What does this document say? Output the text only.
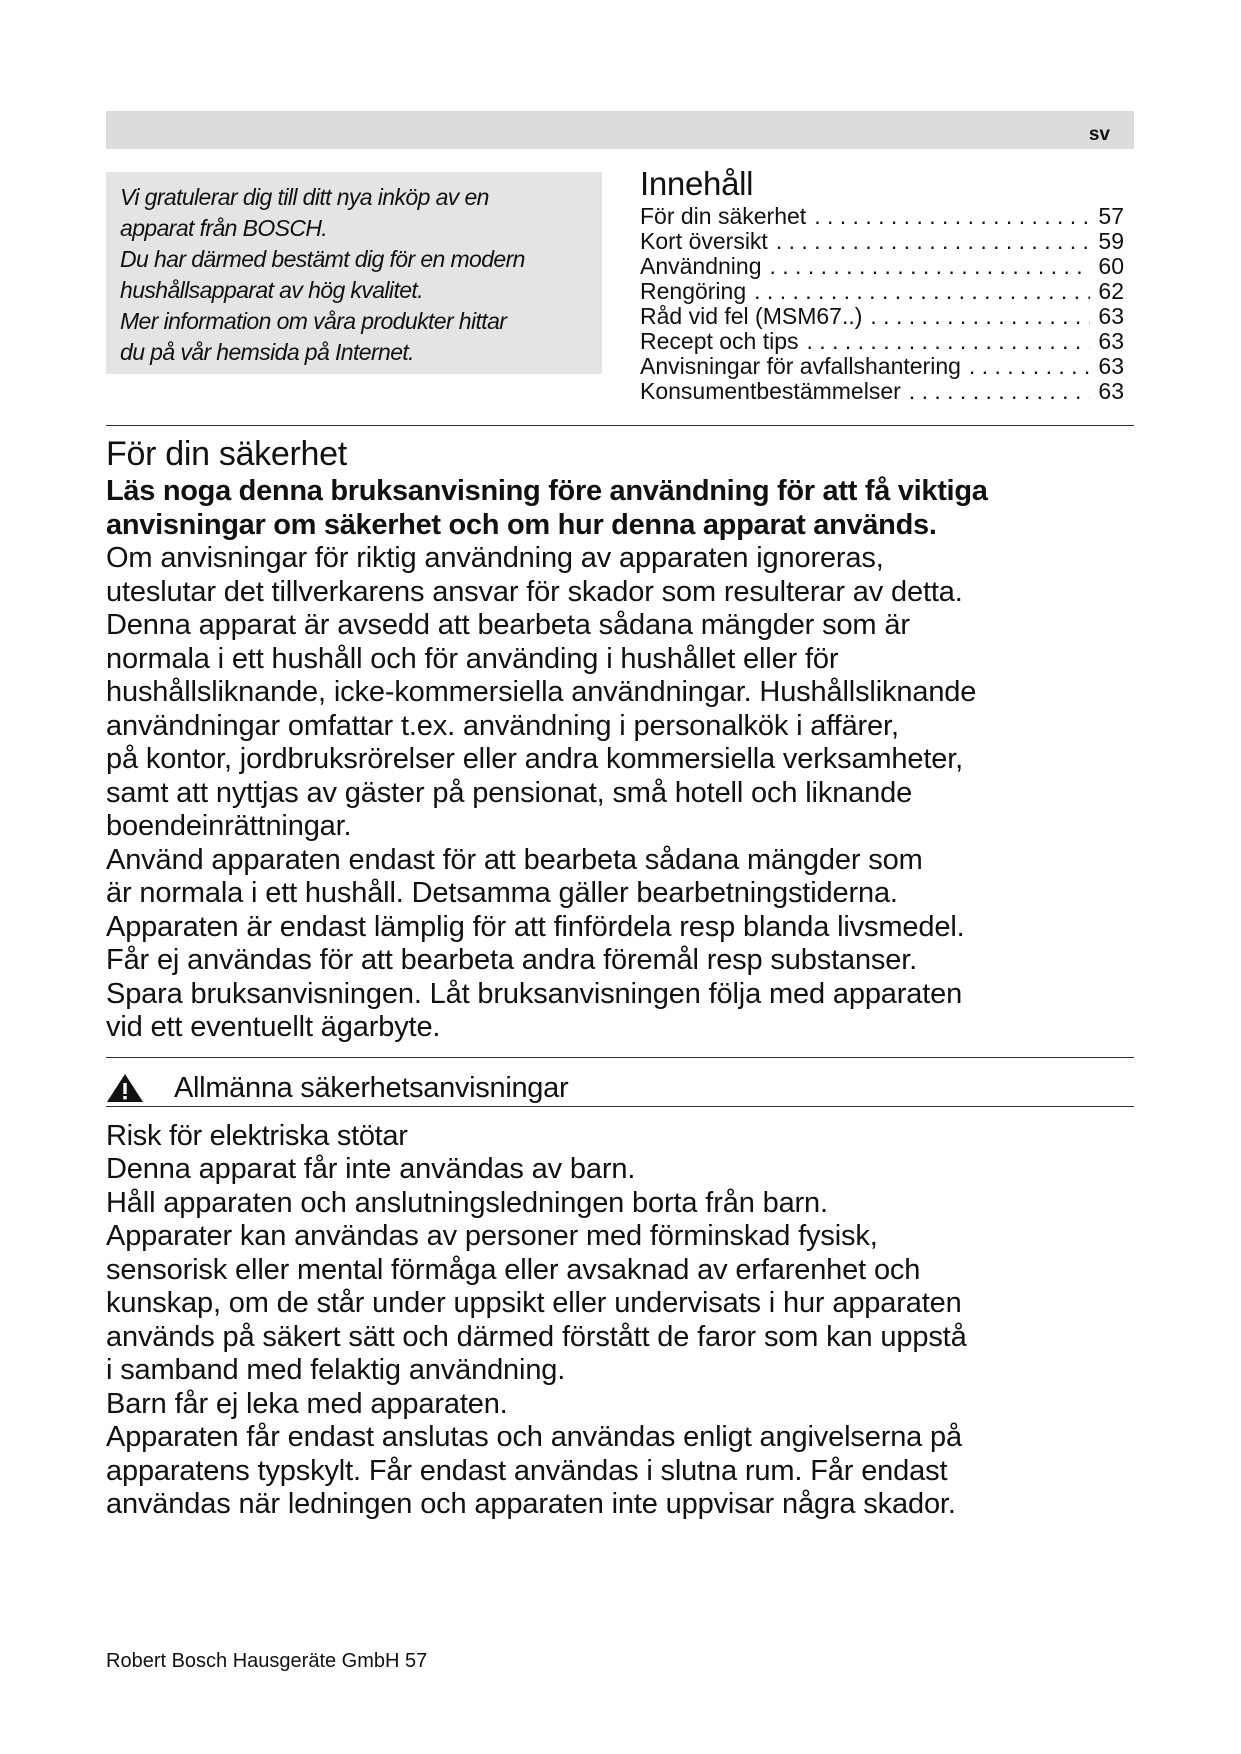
sv
Vi gratulerar dig till ditt nya inköp av en
apparat från BOSCH.
Du har därmed bestämt dig för en modern
hushållsapparat av hög kvalitet.
Mer information om våra produkter hittar
du på vår hemsida på Internet.
Innehåll
För din säkerhet . . .	57
Kort översikt . . .	59
Användning . . .	60
Rengöring . . .	62
Råd vid fel (MSM67..) . . .	63
Recept och tips . . .	63
Anvisningar för avfallshantering . . .	63
Konsumentbestämmelser . . .	63
För din säkerhet
Läs noga denna bruksanvisning före användning för att få viktiga
anvisningar om säkerhet och om hur denna apparat används.
Om anvisningar för riktig användning av apparaten ignoreras,
uteslutar det tillverkarens ansvar för skador som resulterar av detta.
Denna apparat är avsedd att bearbeta sådana mängder som är
normala i ett hushåll och för använding i hushållet eller för
hushållsliknande, icke-kommersiella användningar. Hushållsliknande
användningar omfattar t.ex. användning i personalkök i affärer,
på kontor, jordbruksrörelser eller andra kommersiella verksamheter,
samt att nyttjas av gäster på pensionat, små hotell och liknande
boendeinrättningar.
Använd apparaten endast för att bearbeta sådana mängder som
är normala i ett hushåll. Detsamma gäller bearbetningstiderna.
Apparaten är endast lämplig för att finfördela resp blanda livsmedel.
Får ej användas för att bearbeta andra föremål resp substanser.
Spara bruksanvisningen. Låt bruksanvisningen följa med apparaten
vid ett eventuellt ägarbyte.
Allmänna säkerhetsanvisningar
Risk för elektriska stötar
Denna apparat får inte användas av barn.
Håll apparaten och anslutningsledningen borta från barn.
Apparater kan användas av personer med förminskad fysisk,
sensorisk eller mental förmåga eller avsaknad av erfarenhet och
kunskap, om de står under uppsikt eller undervisats i hur apparaten
används på säkert sätt och därmed förstått de faror som kan uppstå
i samband med felaktig användning.
Barn får ej leka med apparaten.
Apparaten får endast anslutas och användas enligt angivelserna på
apparatens typskylt. Får endast användas i slutna rum. Får endast
användas när ledningen och apparaten inte uppvisar några skador.
Robert Bosch Hausgeräte GmbH 57
